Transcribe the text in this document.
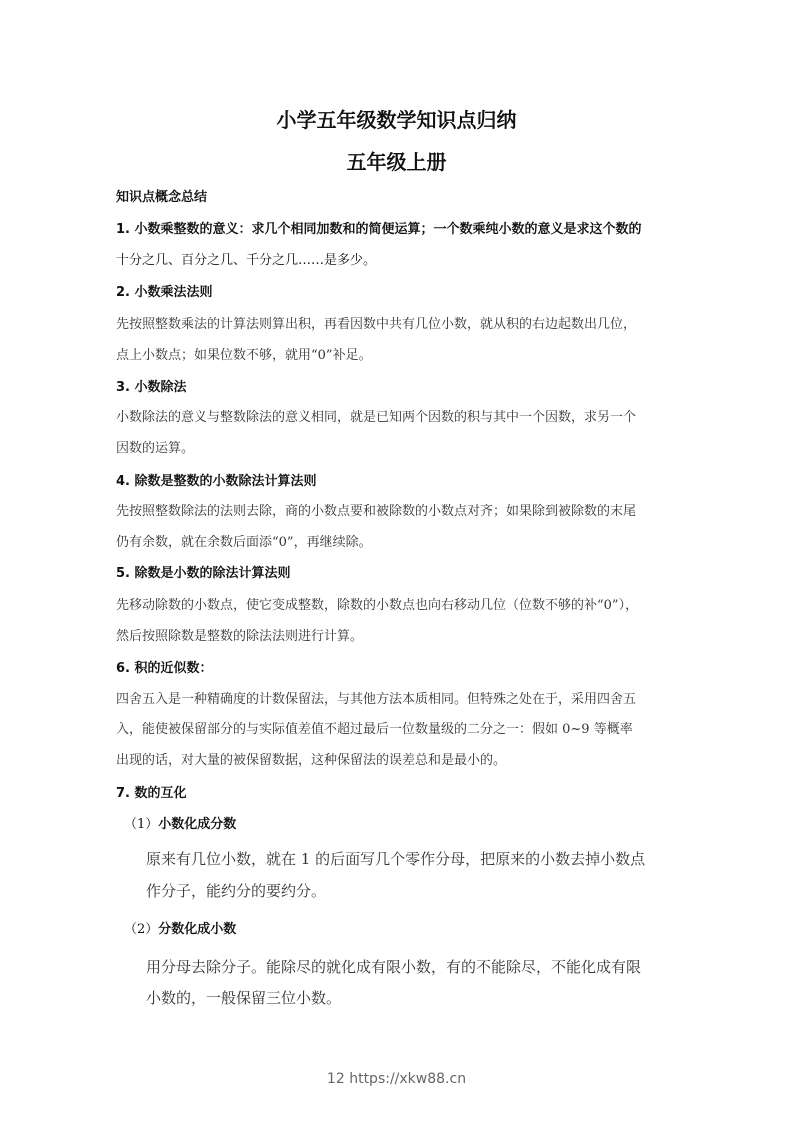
小学五年级数学知识点归纳
五年级上册
知识点概念总结
1. 小数乘整数的意义：求几个相同加数和的简便运算；一个数乘纯小数的意义是求这个数的
十分之几、百分之几、千分之几……是多少。
2. 小数乘法法则
先按照整数乘法的计算法则算出积，再看因数中共有几位小数，就从积的右边起数出几位，
点上小数点；如果位数不够，就用“0”补足。
3. 小数除法
小数除法的意义与整数除法的意义相同，就是已知两个因数的积与其中一个因数，求另一个
因数的运算。
4. 除数是整数的小数除法计算法则
先按照整数除法的法则去除，商的小数点要和被除数的小数点对齐；如果除到被除数的末尾
仍有余数，就在余数后面添“0”，再继续除。
5. 除数是小数的除法计算法则
先移动除数的小数点，使它变成整数，除数的小数点也向右移动几位（位数不够的补“0”），
然后按照除数是整数的除法法则进行计算。
6. 积的近似数：
四舍五入是一种精确度的计数保留法，与其他方法本质相同。但特殊之处在于，采用四舍五
入，能使被保留部分的与实际值差值不超过最后一位数量级的二分之一：假如 0~9 等概率
出现的话，对大量的被保留数据，这种保留法的误差总和是最小的。
7. 数的互化
（1）小数化成分数
原来有几位小数，就在 1 的后面写几个零作分母，把原来的小数去掉小数点
作分子，能约分的要约分。
（2）分数化成小数
用分母去除分子。能除尽的就化成有限小数，有的不能除尽，不能化成有限
小数的，一般保留三位小数。
12 https://xkw88.cn
